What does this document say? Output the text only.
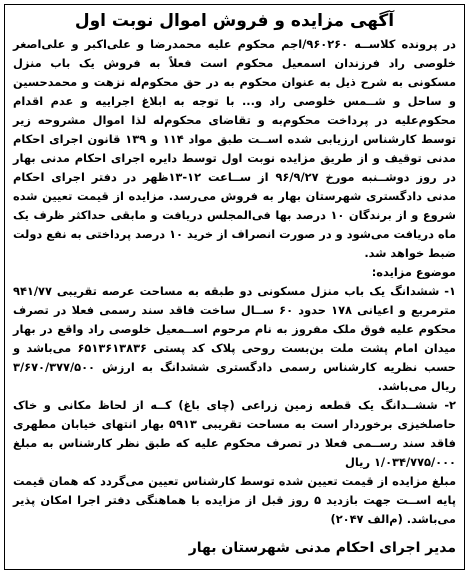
آگهی مزایده و فروش اموال نوبت اول

در پرونده کلاســه ۹۶۰۲۶۰/اجم محکوم علیه محمدرضا و علی‌اکبر و علی‌اصغر خلوصی راد فرزندان اسمعیل محکوم است فعلاً به فروش یک باب منزل مسکونی به شرح ذیل به عنوان محکوم به در حق محکوم‌له نزهت و محمدحسین و ساحل و شــمس خلوصی راد و... با توجه به ابلاغ اجراییه و عدم اقدام محکوم‌علیه در پرداخت محکوم‌به و تقاضای محکوم‌له لذا اموال مشروحه زیر توسط کارشناس ارزیابی شده اســت طبق مواد ۱۱۴ و ۱۳۹ قانون اجرای احکام مدنی توقیف و از طریق مزایده نوبت اول توسط دایره اجرای احکام مدنی بهار در روز دوشــنبه مورخ ۹۶/۹/۲۷ از ســاعت ۱۲-۱۳ظهر در دفتر اجرای احکام مدنی دادگستری شهرستان بهار به فروش می‌رسد. مزایده از قیمت تعیین شده شروع و از برندگان ۱۰ درصد بها فی‌المجلس دریافت و مابقی حداکثر ظرف یک ماه دریافت می‌شود و در صورت انصراف از خرید ۱۰ درصد پرداختی به نفع دولت ضبط خواهد شد.

موضوع مزایده:

۱- ششدانگ یک باب منزل مسکونی دو طبقه به مساحت عرصه تقریبی ۹۴۱/۷۷ مترمربع و اعیانی ۱۷۸ حدود ۶۰ ســال ساخت فاقد سند رسمی فعلا در تصرف محکوم علیه فوق ملک مفروز به نام مرحوم اســمعیل خلوصی راد واقع در بهار میدان امام پشت ملت بن‌بست روحی پلاک کد پستی ۶۵۱۳۶۱۳۸۳۶ می‌باشد و حسب نظریه کارشناس رسمی دادگستری ششدانگ به ارزش ۳/۶۷۰/۳۷۷/۵۰۰ ریال می‌باشد.

۲- ششــدانگ یک قطعه زمین زراعی (چای باغ) کــه از لحاظ مکانی و خاک حاصلخیزی برخوردار است به مساحت تقریبی ۵۹۱۳ بهار انتهای خیابان مطهری فاقد سند رســمی فعلا در تصرف محکوم علیه که طبق نظر کارشناس به مبلغ ۱/۰۳۴/۷۷۵/۰۰۰ ریال

مبلغ مزایده از قیمت تعیین شده توسط کارشناس تعیین می‌گردد که همان قیمت پایه اســت جهت بازدید ۵ روز قبل از مزایده با هماهنگی دفتر اجرا امکان پذیر می‌باشد. (م‌الف ۲۰۴۷)

مدیر اجرای احکام مدنی شهرستان بهار
